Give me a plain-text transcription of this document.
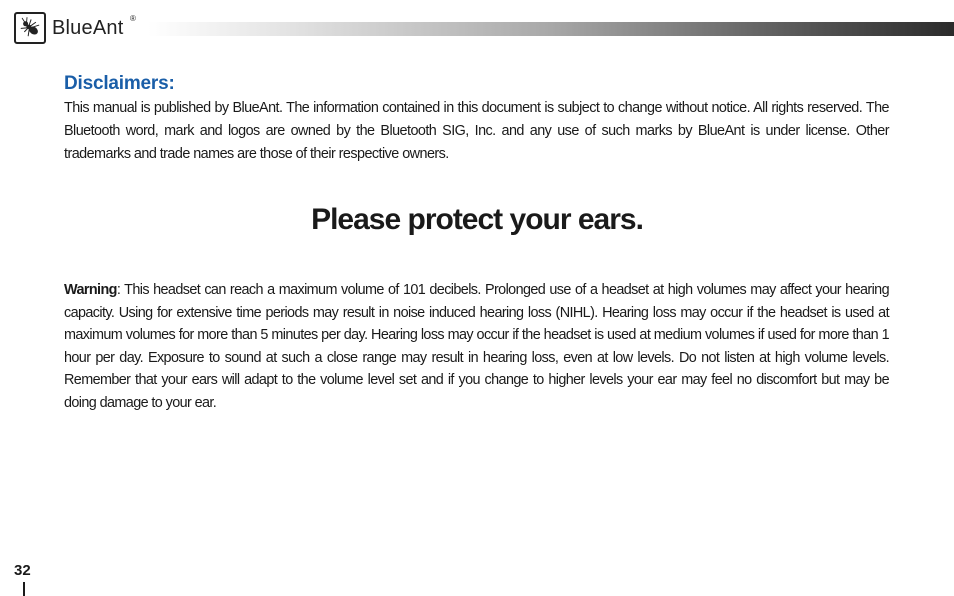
BlueAnt ®
Disclaimers:

This manual is published by BlueAnt. The information contained in this document is subject to change without notice. All rights reserved. The Bluetooth word, mark and logos are owned by the Bluetooth SIG, Inc. and any use of such marks by BlueAnt is under license. Other trademarks and trade names are those of their respective owners.

Please protect your ears.

Warning: This headset can reach a maximum volume of 101 decibels. Prolonged use of a headset at high volumes may affect your hearing capacity. Using for extensive time periods may result in noise induced hearing loss (NIHL). Hearing loss may occur if the headset is used at maximum volumes for more than 5 minutes per day. Hearing loss may occur if the headset is used at medium volumes if used for more than 1 hour per day. Exposure to sound at such a close range may result in hearing loss, even at low levels. Do not listen at high volume levels. Remember that your ears will adapt to the volume level set and if you change to higher levels your ear may feel no discomfort but may be doing damage to your ear.

32
